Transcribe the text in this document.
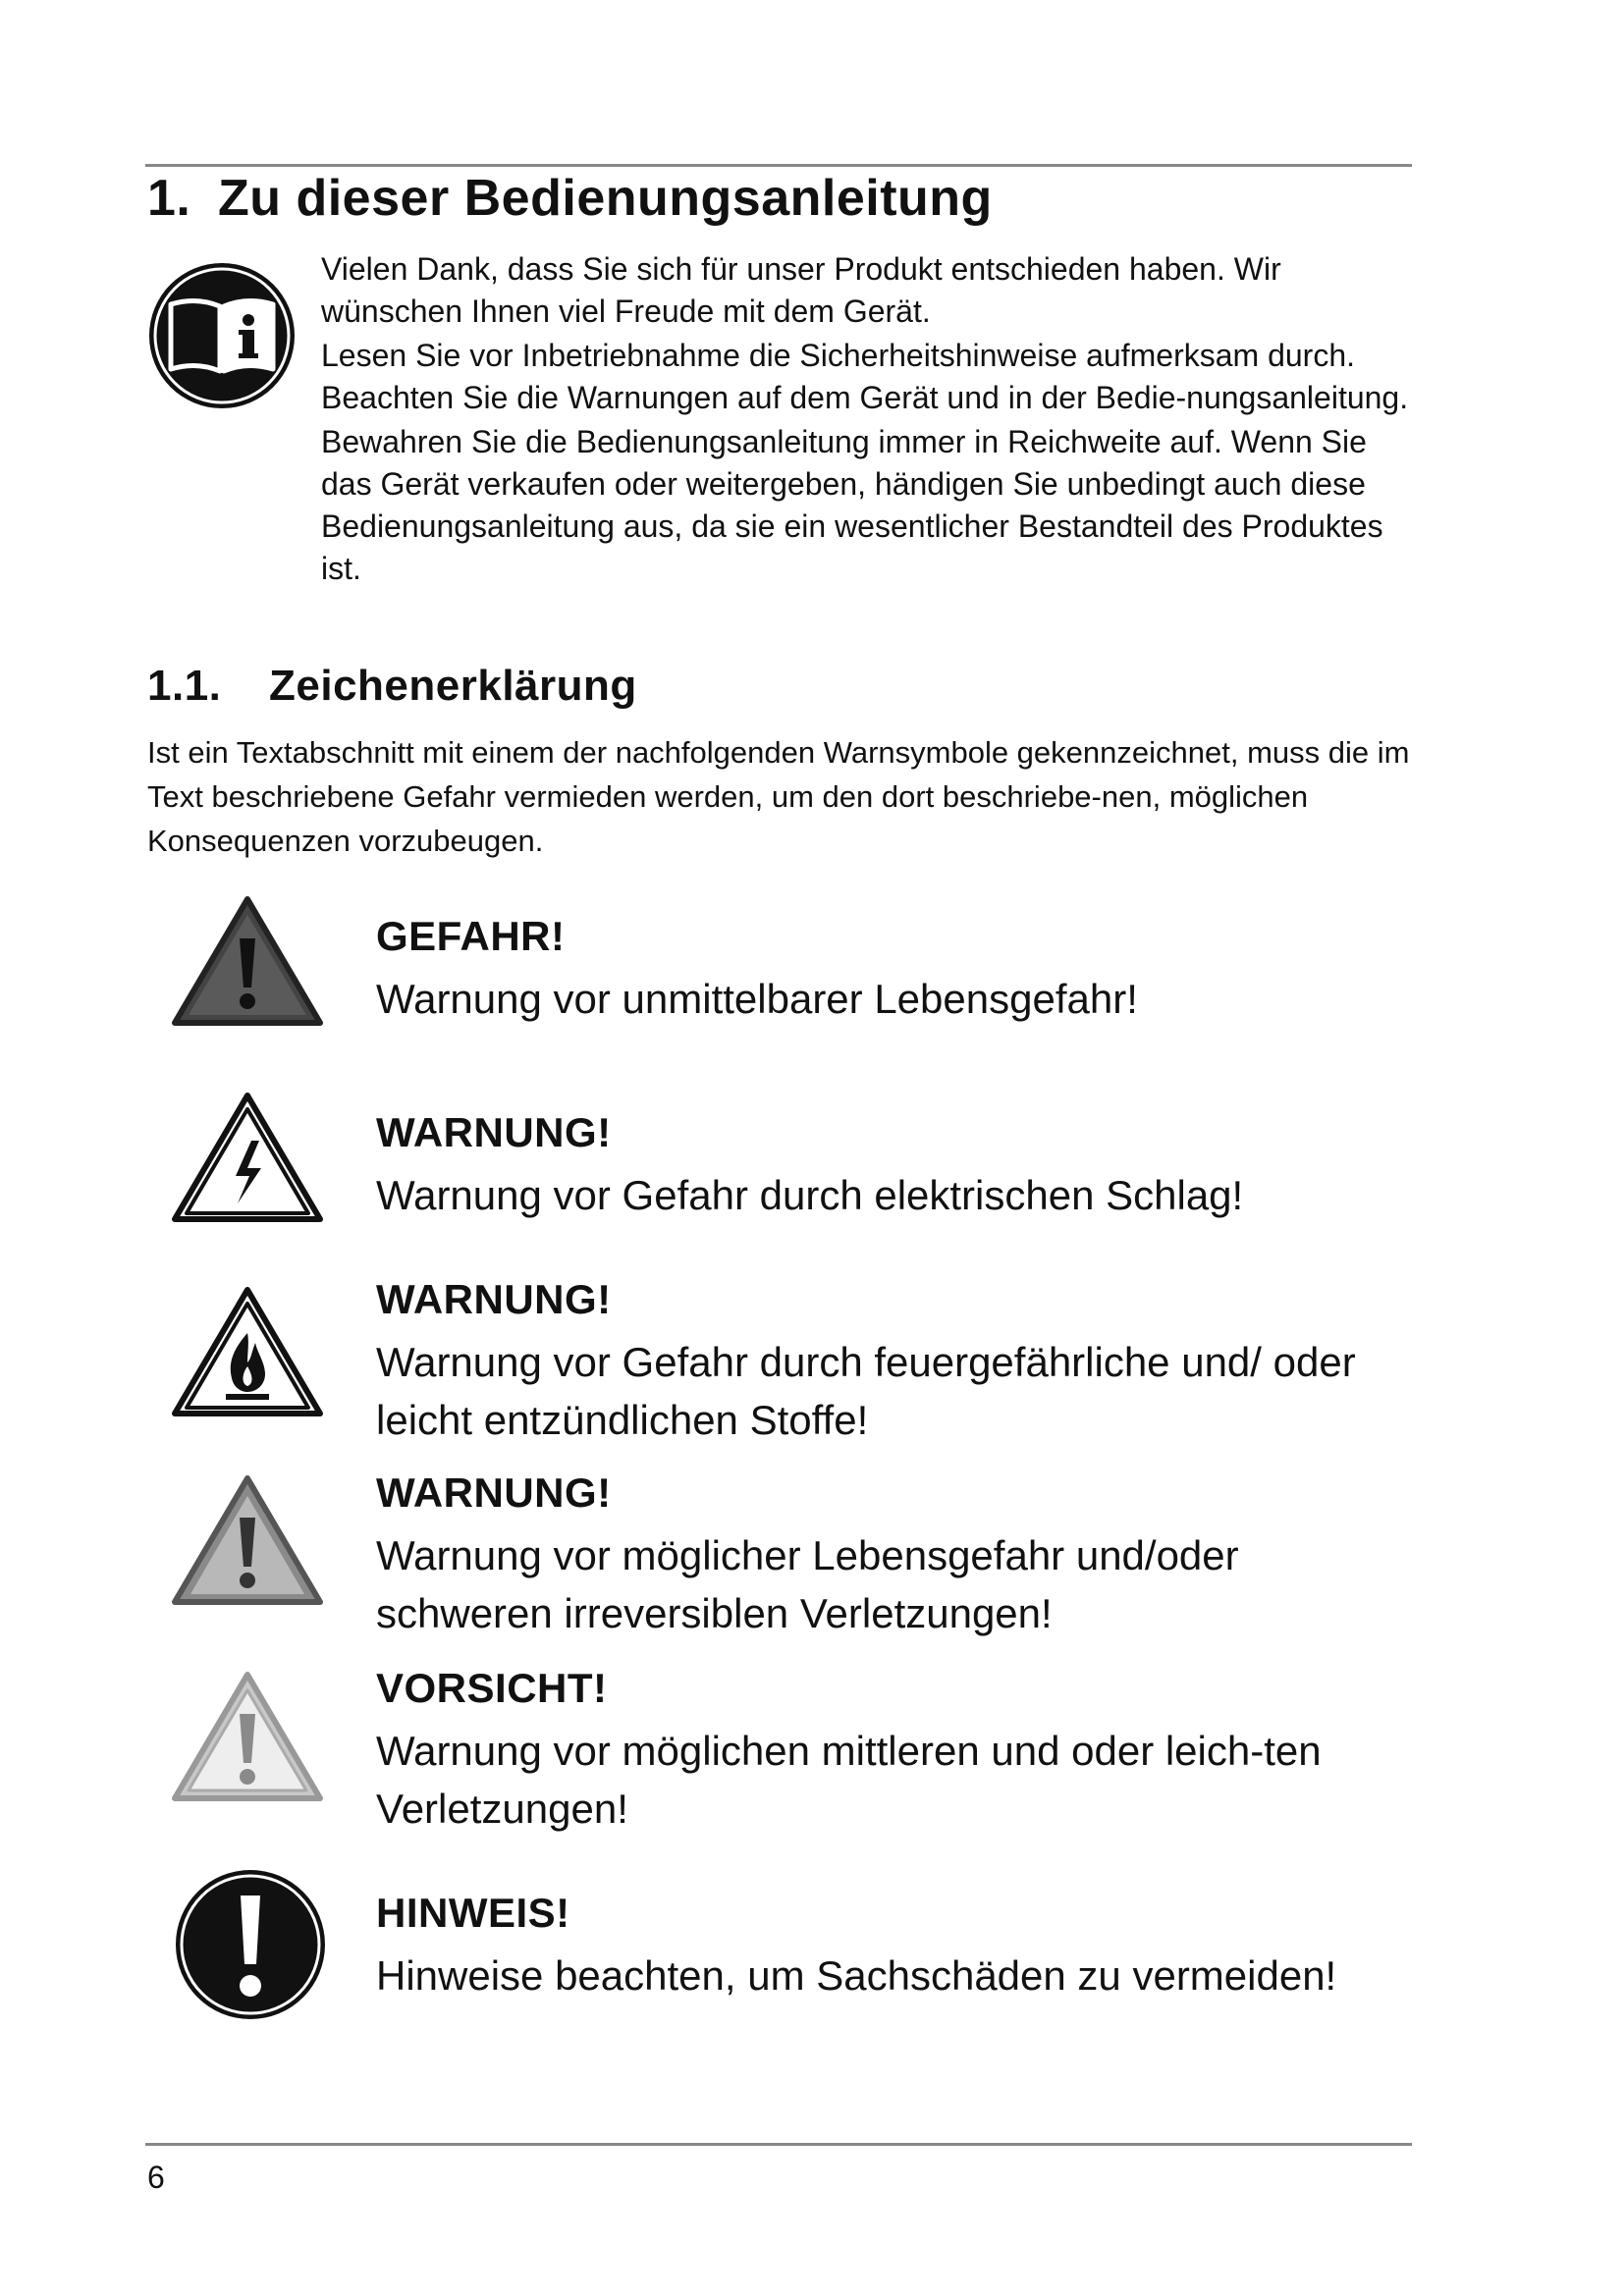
1. Zu dieser Bedienungsanleitung

Vielen Dank, dass Sie sich für unser Produkt entschieden haben. Wir wünschen Ihnen viel Freude mit dem Gerät.

Lesen Sie vor Inbetriebnahme die Sicherheitshinweise aufmerksam durch. Beachten Sie die Warnungen auf dem Gerät und in der Bedie-nungsanleitung.

Bewahren Sie die Bedienungsanleitung immer in Reichweite auf. Wenn Sie das Gerät verkaufen oder weitergeben, händigen Sie unbedingt auch diese Bedienungsanleitung aus, da sie ein wesentlicher Bestandteil des Produktes ist.

1.1. Zeichenerklärung

Ist ein Textabschnitt mit einem der nachfolgenden Warnsymbole gekennzeichnet, muss die im Text beschriebene Gefahr vermieden werden, um den dort beschriebe-nen, möglichen Konsequenzen vorzubeugen.

GEFAHR!
Warnung vor unmittelbarer Lebensgefahr!
WARNUNG!
Warnung vor Gefahr durch elektrischen Schlag!
WARNUNG!
Warnung vor Gefahr durch feuergefährliche und/ oder leicht entzündlichen Stoffe!
WARNUNG!
Warnung vor möglicher Lebensgefahr und/oder schweren irreversiblen Verletzungen!
VORSICHT!
Warnung vor möglichen mittleren und oder leich-ten Verletzungen!
HINWEIS!
Hinweise beachten, um Sachschäden zu vermeiden!
6
